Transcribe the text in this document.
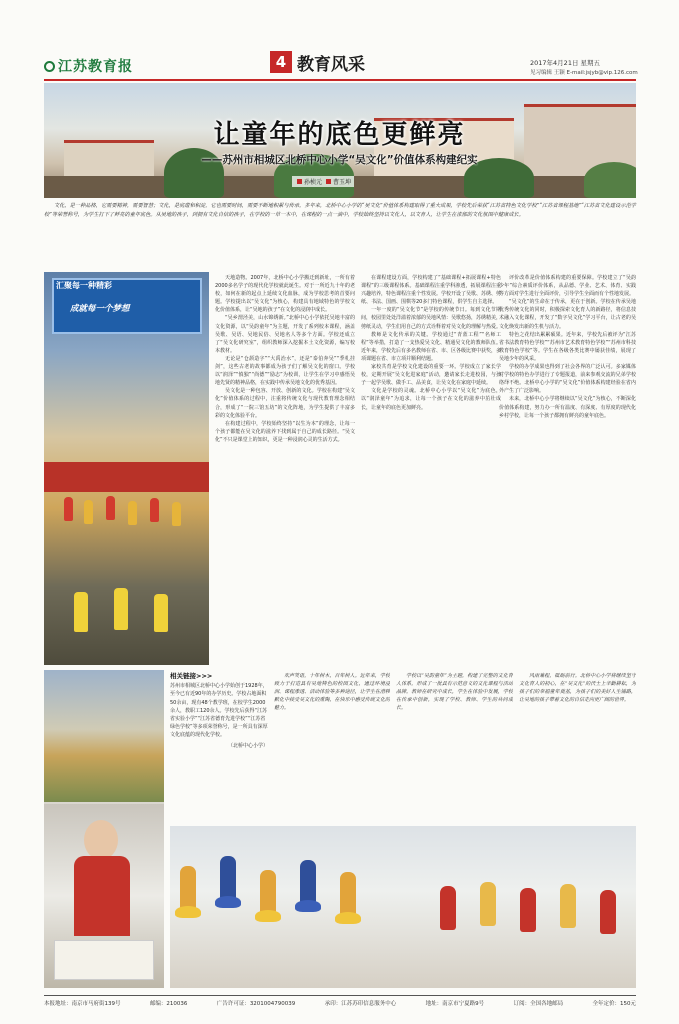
江苏教育报	4 教育风采	2017年4月21日 星期五
见习编辑 王颖 E-mail:jsjyb@vip.126.com
让童年的底色更鲜亮
——苏州市相城区北桥中心小学“吴文化”价值体系构建纪实
孙桢元 曹玉坤
文化，是一种品格，它需要精神，需要智慧；文化，是底蕴和积淀，它也需要时间，需要不断地积累与传承。多年来，北桥中心小学的“吴文化”价值体系构建取得了重大成果，学校先后荣获“江苏省特色文化学校”“江苏省课程基地”“江苏省文化建设示范学校”等荣誉称号，为学生打下了鲜亮的童年底色。从吴地的孩子，到拥有文化自信的孩子，在学校的一草一木中，在课程的一点一滴中，学校始终坚持以文化人，以文育人，让学生在浓郁的文化氛围中健康成长。
汇聚每一种精彩
成就每一个梦想

天地造物。2007年，北桥中心小学搬迁到新址，一所有着2000多名学子的现代化学校就此诞生。对于一所近九十年的老校，如何在新的起点上延续文化血脉，成为学校思考的首要问题。学校提出以“吴文化”为核心，构建具有地域特色的学校文化价值体系，让“吴地的孩子”在文化的浸润中成长。

“吴乡渭泾美，山水锦绣新。”北桥中心小学依托吴地丰富的文化资源，以“吴韵童年”为主题，开发了系列校本课程，涵盖吴歌、吴语、吴地民俗、吴地名人等多个方面。学校还成立了“吴文化研究室”，组织教师深入挖掘本土文化资源，编写校本教材。

无论是“仓颉造字”“大禹治水”，还是“泰伯奔吴”“季札挂剑”，这些古老的故事都成为孩子们了解吴文化的窗口。学校以“润泽”“慎独”“尚德”“励志”为校训，让学生在学习中感悟吴地先贤的精神品格，在实践中传承吴地文化的优秀基因。

吴文化是一种包容、开放、创新的文化。学校在构建“吴文化”价值体系的过程中，注重将传统文化与现代教育理念相结合，形成了“一院三馆五坊”的文化阵地，为学生提供了丰富多彩的文化体验平台。

在构建过程中，学校始终坚持“以生为本”的理念，让每一个孩子都能在吴文化的滋养下找到属于自己的成长路径。“吴文化”不只是课堂上的知识，更是一种浸润心灵的生活方式。

在课程建设方面，学校构建了“基础课程+拓展课程+特色课程”的三级课程体系。基础课程注重学科渗透，拓展课程注重兴趣培养，特色课程注重个性发展。学校开设了吴歌、苏绣、剪纸、书法、国画、围棋等20多门特色课程，供学生自主选择。

一年一度的“吴文化节”是学校的传统节日。每到文化节期间，校园里处处洋溢着浓郁的吴地风情：吴歌悠扬，苏绣精美，剪纸灵动，学生们用自己的方式诠释着对吴文化的理解与热爱。

教师是文化传承的关键。学校通过“青蓝工程”“名师工程”等举措，打造了一支热爱吴文化、精通吴文化的教师队伍。近年来，学校先后有多名教师在省、市、区各级比赛中获奖，多项课题在省、市立项并顺利结题。

家校共育是学校文化建设的重要一环。学校成立了家长学校，定期开展“吴文化进家庭”活动，邀请家长走进校园，与孩子一起学吴歌、做手工、品美食，让吴文化在家庭中延续。

文化是学校的灵魂。北桥中心小学以“吴文化”为底色，以“润泽童年”为追求，让每一个孩子在文化的滋养中茁壮成长，让童年的底色更加鲜亮。

评价改革是价值体系构建的重要保障。学校建立了“吴韵少年”综合素质评价体系，从品德、学业、艺术、体育、实践等方面对学生进行全面评价，引导学生全面而有个性地发展。

“吴文化”的生命在于传承，更在于创新。学校在传承吴地优秀传统文化的同时，积极探索文化育人的新路径，将信息技术融入文化课程，开发了“数字吴文化”学习平台，让古老的吴文化焕发出新的生机与活力。

特色之花结出累累硕果。近年来，学校先后被评为“江苏省书法教育特色学校”“苏州市艺术教育特色学校”“苏州市科技教育特色学校”等。学生在各级各类比赛中屡获佳绩，展现了吴地少年的风采。

学校的办学成果也得到了社会各界的广泛认可。多家媒体对学校的特色办学进行了专题报道，前来参观交流的兄弟学校络绎不绝。北桥中心小学的“吴文化”价值体系构建经验在省内外产生了广泛影响。

未来，北桥中心小学将继续以“吴文化”为核心，不断深化价值体系构建，努力办一所有温度、有深度、有厚度的现代化乡村学校，让每一个孩子都拥有鲜亮的童年底色。

相关链接>>>
苏州市相城区北桥中心小学始创于1928年，至今已有近90年的办学历史。学校占地面积50余亩，现有48个教学班，在校学生2000余人，教职工120余人。学校先后获得“江苏省实验小学”“江苏省德育先进学校”“江苏省绿色学校”等多项荣誉称号，是一所具有深厚文化底蕴的现代化学校。
（北桥中心小学）

欢声笑语，十年树木，百年树人。近年来，学校致力于打造具有吴地特色的校园文化，通过环境浸润、课程渗透、活动体验等多种途径，让学生在潜移默化中接受吴文化的熏陶，在快乐中感受传统文化的魅力。

学校以“吴韵童年”为主题，构建了完整的文化育人体系，形成了一批具有示范意义的文化课程与活动品牌。教师在研究中成长，学生在体验中发展，学校在传承中创新，实现了学校、教师、学生的共同成长。

风雨兼程，砥砺前行。北桥中心小学将继续坚守文化育人的初心，在“吴文化”的沃土上辛勤耕耘，为孩子们的幸福童年奠基，为孩子们的美好人生铺路，让吴地的孩子带着文化的自信走向更广阔的世界。

本报地址：南京市马府街139号	邮编：210036	广告许可证：3201004790039	承印：江苏苏印信息服务中心	地址：南京市宁夏路9号	订阅：全国各地邮局	全年定价：150元
